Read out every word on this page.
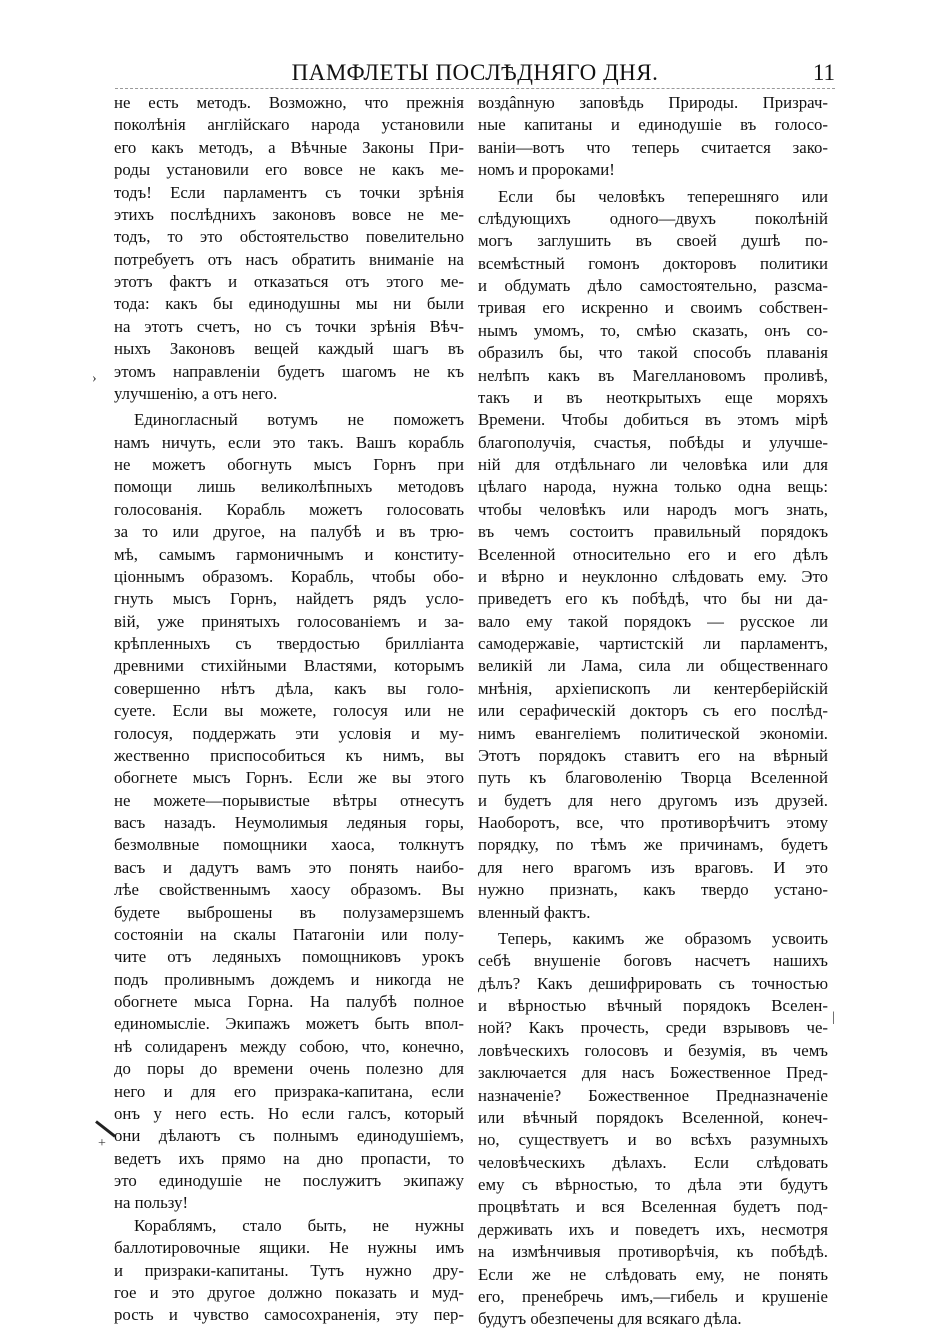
ПАМФЛЕТЫ ПОСЛѢДНЯГО ДНЯ.	11
›
+
|
не есть методъ. Возможно, что прежнія
поколѣнія англійскаго народа установили
его какъ методъ, а Вѣчные Законы При-
роды установили его вовсе не какъ ме-
тодъ! Если парламентъ съ точки зрѣнія
этихъ послѣднихъ законовъ вовсе не ме-
тодъ, то это обстоятельство повелительно
потребуетъ отъ насъ обратить вниманіе на
этотъ фактъ и отказаться отъ этого ме-
тода: какъ бы единодушны мы ни были
на этотъ счетъ, но съ точки зрѣнія Вѣч-
ныхъ Законовъ вещей каждый шагъ въ
этомъ направленіи будетъ шагомъ не къ
улучшенію, а отъ него.
Единогласный вотумъ не поможетъ
намъ ничуть, если это такъ. Вашъ корабль
не можетъ обогнуть мысъ Горнъ при
помощи лишь великолѣпныхъ методовъ
голосованія. Корабль можетъ голосовать
за то или другое, на палубѣ и въ трю-
мѣ, самымъ гармоничнымъ и конститу-
ціоннымъ образомъ. Корабль, чтобы обо-
гнуть мысъ Горнъ, найдетъ рядъ усло-
вій, уже принятыхъ голосованіемъ и за-
крѣпленныхъ съ твердостью брилліанта
древними стихійными Властями, которымъ
совершенно нѣтъ дѣла, какъ вы голо-
суете. Если вы можете, голосуя или не
голосуя, поддержать эти условія и му-
жественно приспособиться къ нимъ, вы
обогнете мысъ Горнъ. Если же вы этого
не можете—порывистые вѣтры отнесутъ
васъ назадъ. Неумолимыя ледяныя горы,
безмолвные помощники хаоса, толкнутъ
васъ и дадутъ вамъ это понять наибо-
лѣе свойственнымъ хаосу образомъ. Вы
будете выброшены въ полузамерзшемъ
состояніи на скалы Патагоніи или полу-
чите отъ ледяныхъ помощниковъ урокъ
подъ проливнымъ дождемъ и никогда не
обогнете мыса Горна. На палубѣ полное
единомысліе. Экипажъ можетъ быть впол-
нѣ солидаренъ между собою, что, конечно,
до поры до времени очень полезно для
него и для его призрака-капитана, если
онъ у него есть. Но если галсъ, который
они дѣлаютъ съ полнымъ единодушіемъ,
ведетъ ихъ прямо на дно пропасти, то
это единодушіе не послужитъ экипажу
на пользу!
Кораблямъ, стало быть, не нужны
баллотировочные ящики. Не нужны имъ
и призраки-капитаны. Тутъ нужно дру-
гое и это другое должно показать и муд-
рость и чувство самосохраненія, эту пер-
воздânную заповѣдь Природы. Призрач-
ные капитаны и единодушіе въ голосо-
ваніи—вотъ что теперь считается зако-
номъ и пророками!
Если бы человѣкъ теперешняго или
слѣдующихъ одного—двухъ поколѣній
могъ заглушить въ своей душѣ по-
всемѣстный гомонъ докторовъ политики
и обдумать дѣло самостоятельно, разсма-
тривая его искренно и своимъ собствен-
нымъ умомъ, то, смѣю сказать, онъ со-
образилъ бы, что такой способъ плаванія
нелѣпъ какъ въ Магеллановомъ проливѣ,
такъ и въ неоткрытыхъ еще моряхъ
Времени. Чтобы добиться въ этомъ мірѣ
благополучія, счастья, побѣды и улучше-
ній для отдѣльнаго ли человѣка или для
цѣлаго народа, нужна только одна вещь:
чтобы человѣкъ или народъ могъ знать,
въ чемъ состоитъ правильный порядокъ
Вселенной относительно его и его дѣлъ
и вѣрно и неуклонно слѣдовать ему. Это
приведетъ его къ побѣдѣ, что бы ни да-
вало ему такой порядокъ — русское ли
самодержавіе, чартистскій ли парламентъ,
великій ли Лама, сила ли общественнаго
мнѣнія, архіепископъ ли кентерберійскій
или серафическій докторъ съ его послѣд-
нимъ евангеліемъ политической экономіи.
Этотъ порядокъ ставитъ его на вѣрный
путь къ благоволенію Творца Вселенной
и будетъ для него другомъ изъ друзей.
Наоборотъ, все, что противорѣчитъ этому
порядку, по тѣмъ же причинамъ, будетъ
для него врагомъ изъ враговъ. И это
нужно признать, какъ твердо устано-
вленный фактъ.
Теперь, какимъ же образомъ усвоить
себѣ внушеніе боговъ насчетъ нашихъ
дѣлъ? Какъ дешифрировать съ точностью
и вѣрностью вѣчный порядокъ Вселен-
ной? Какъ прочесть, среди взрывовъ че-
ловѣческихъ голосовъ и безумія, въ чемъ
заключается для насъ Божественное Пред-
назначеніе? Божественное Предназначеніе
или вѣчный порядокъ Вселенной, конеч-
но, существуетъ и во всѣхъ разумныхъ
человѣческихъ дѣлахъ. Если слѣдовать
ему съ вѣрностью, то дѣла эти будутъ
процвѣтать и вся Вселенная будетъ под-
держивать ихъ и поведетъ ихъ, несмотря
на измѣнчивыя противорѣчія, къ побѣдѣ.
Если же не слѣдовать ему, не понять
его, пренебречь имъ,—гибель и крушеніе
будутъ обезпечены для всякаго дѣла.
